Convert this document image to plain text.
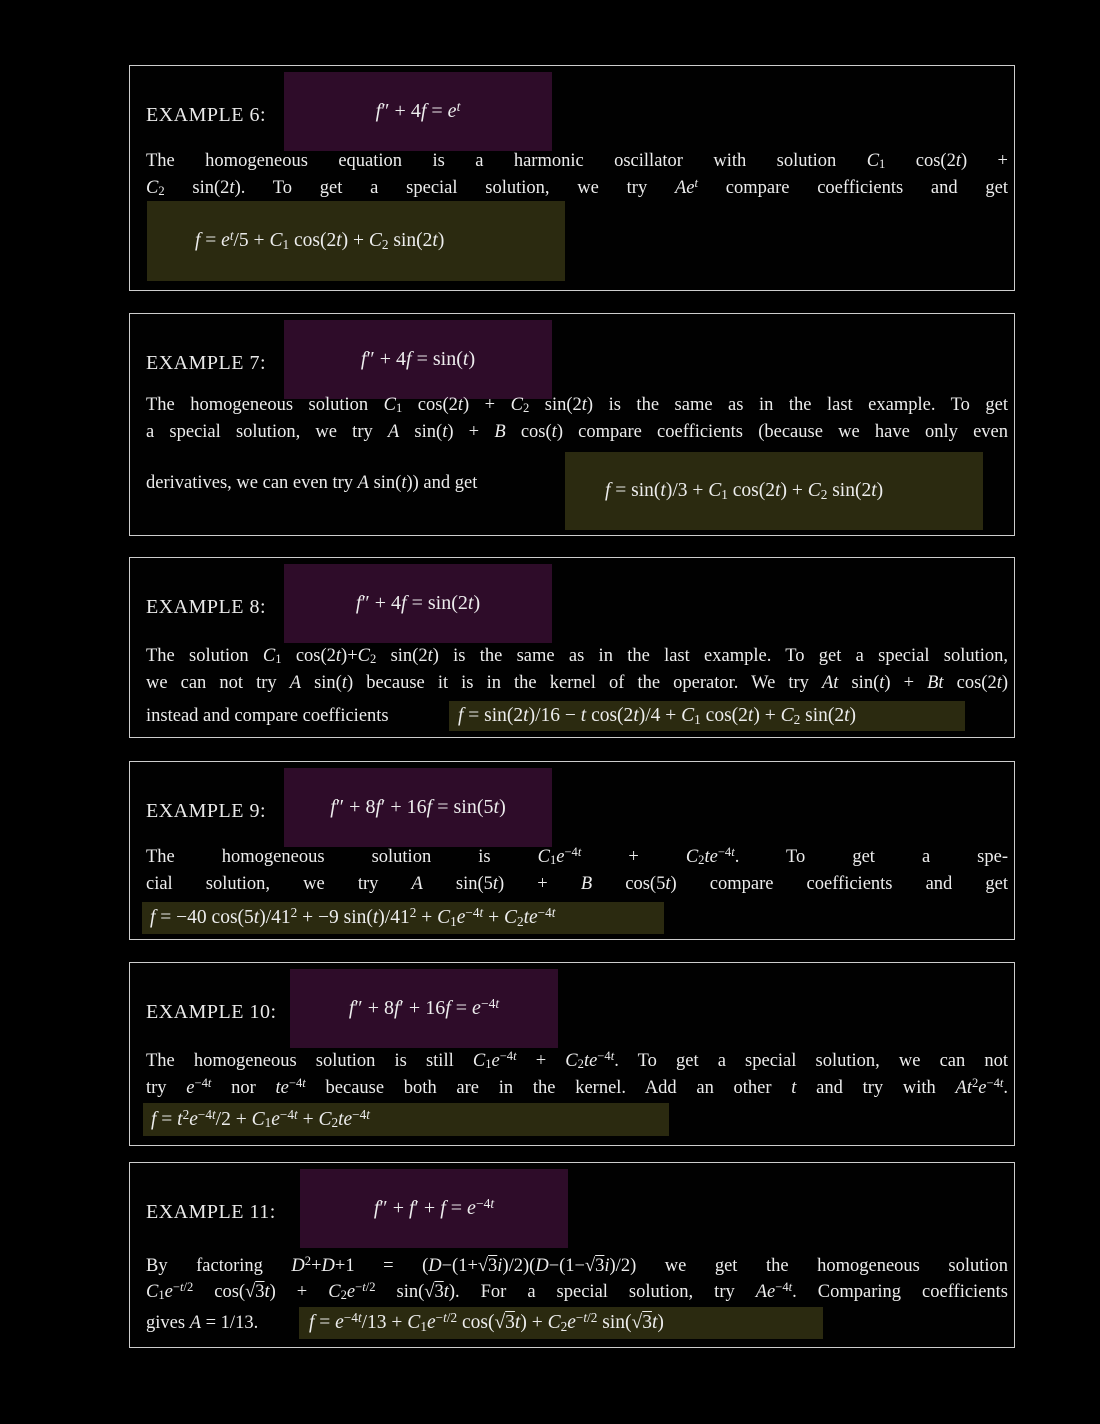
$f'' + 4f = e^t$
EXAMPLE 6:
The homogeneous equation is a harmonic oscillator with solution $C_1$ cos(2t) +
$C_2$ sin(2t). To get a special solution, we try Ae$^t$ compare coefficients and get
$f = e^t/5 + C_1$ $\cos(2t) + C_2$ sin(2t)
f″ + 4f = sin(t)
EXAMPLE 7:
The homogeneous solution $C_1$ $\cos(2t) + C_2$ sin(2t) is the same as in the last example. To get
a special solution, we try A sin(t) + B cos(t) compare coefficients (because we have only even
derivatives, we can even try A sin(t)) and get	$f = \sin(t)/3 + C_1$ $\cos(2t) + C_2$ sin(2t)
f″ + 4f = sin(2t)
EXAMPLE 8:
The solution $C_1$ $\cos(2t)+C_2$ sin(2t) is the same as in the last example. To get a special solution,
we can not try A sin(t) because it is in the kernel of the operator. We try At sin(t) + Bt cos(2t)
instead and compare coefficients	f = sin(2t)/16 − t $\cos(2t)/4 + C_1$ $\cos(2t) + C_2$ sin(2t)
f″ + 8f′ + 16f = sin(5t)
EXAMPLE 9:
The homogeneous solution is $C_1e^{-4t} + C_2te^{-4t}$. To get a spe-
cial solution, we try A sin(5t) + B cos(5t) compare coefficients and get
f = −40 $\cos(5t)/41^2 + -9$ $\sin(t)/41^2 + C_1e^{-4t} + C_2te^{-4t}$
$f'' + 8f' + 16f = e^{-4t}$
EXAMPLE 10:
The homogeneous solution is still $C_1e^{-4t} + C_2te^{-4t}$. To get a special solution, we can not
try $e^{-4t}$ nor $te^{-4t}$ because both are in the kernel. Add an other t and try with $At^2e^{-4t}$.
$f = t^2e^{-4t}/2 + C_1e^{-4t} + C_2te^{-4t}$
$f'' + f' + f = e^{-4t}$
EXAMPLE 11:
By factoring $D^2+D+1 = (D-(1+√3i)/2)(D-(1-√3i)/2)$ we get the homogeneous solution
$C_1e^{-t/2}$ $\cos(√3t) + C_2e^{-t/2}$ sin(√3t). For a special solution, try $Ae^{-4t}$. Comparing coefficients
gives A = 1/13.	$f = e^{-4t}/13 + C_1e^{-t/2}$ $\cos(√3t) + C_2e^{-t/2}$ sin(√3t)
